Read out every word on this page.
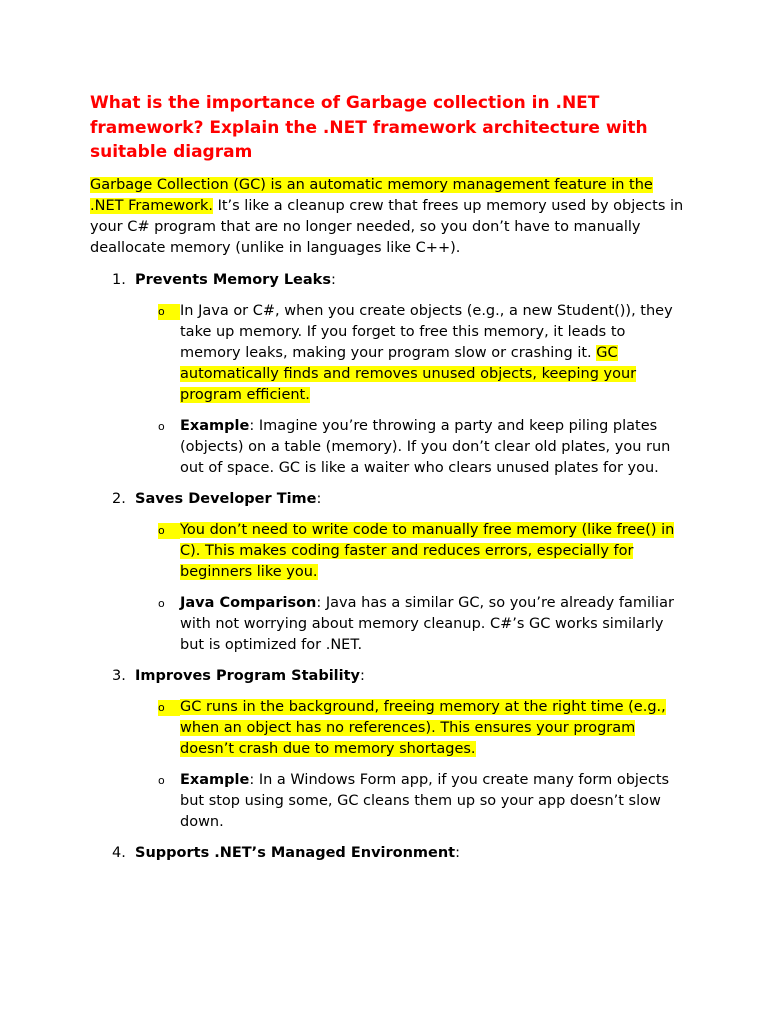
What is the importance of Garbage collection in .NET framework? Explain the .NET framework architecture with suitable diagram
Garbage Collection (GC) is an automatic memory management feature in the .NET Framework. It’s like a cleanup crew that frees up memory used by objects in your C# program that are no longer needed, so you don’t have to manually deallocate memory (unlike in languages like C++).
1. Prevents Memory Leaks:
o	In Java or C#, when you create objects (e.g., a new Student()), they take up memory. If you forget to free this memory, it leads to memory leaks, making your program slow or crashing it. GC automatically finds and removes unused objects, keeping your program efficient.
o	Example: Imagine you’re throwing a party and keep piling plates (objects) on a table (memory). If you don’t clear old plates, you run out of space. GC is like a waiter who clears unused plates for you.
2. Saves Developer Time:
o	You don’t need to write code to manually free memory (like free() in C). This makes coding faster and reduces errors, especially for beginners like you.
o	Java Comparison: Java has a similar GC, so you’re already familiar with not worrying about memory cleanup. C#’s GC works similarly but is optimized for .NET.
3. Improves Program Stability:
o	GC runs in the background, freeing memory at the right time (e.g., when an object has no references). This ensures your program doesn’t crash due to memory shortages.
o	Example: In a Windows Form app, if you create many form objects but stop using some, GC cleans them up so your app doesn’t slow down.
4. Supports .NET’s Managed Environment:
